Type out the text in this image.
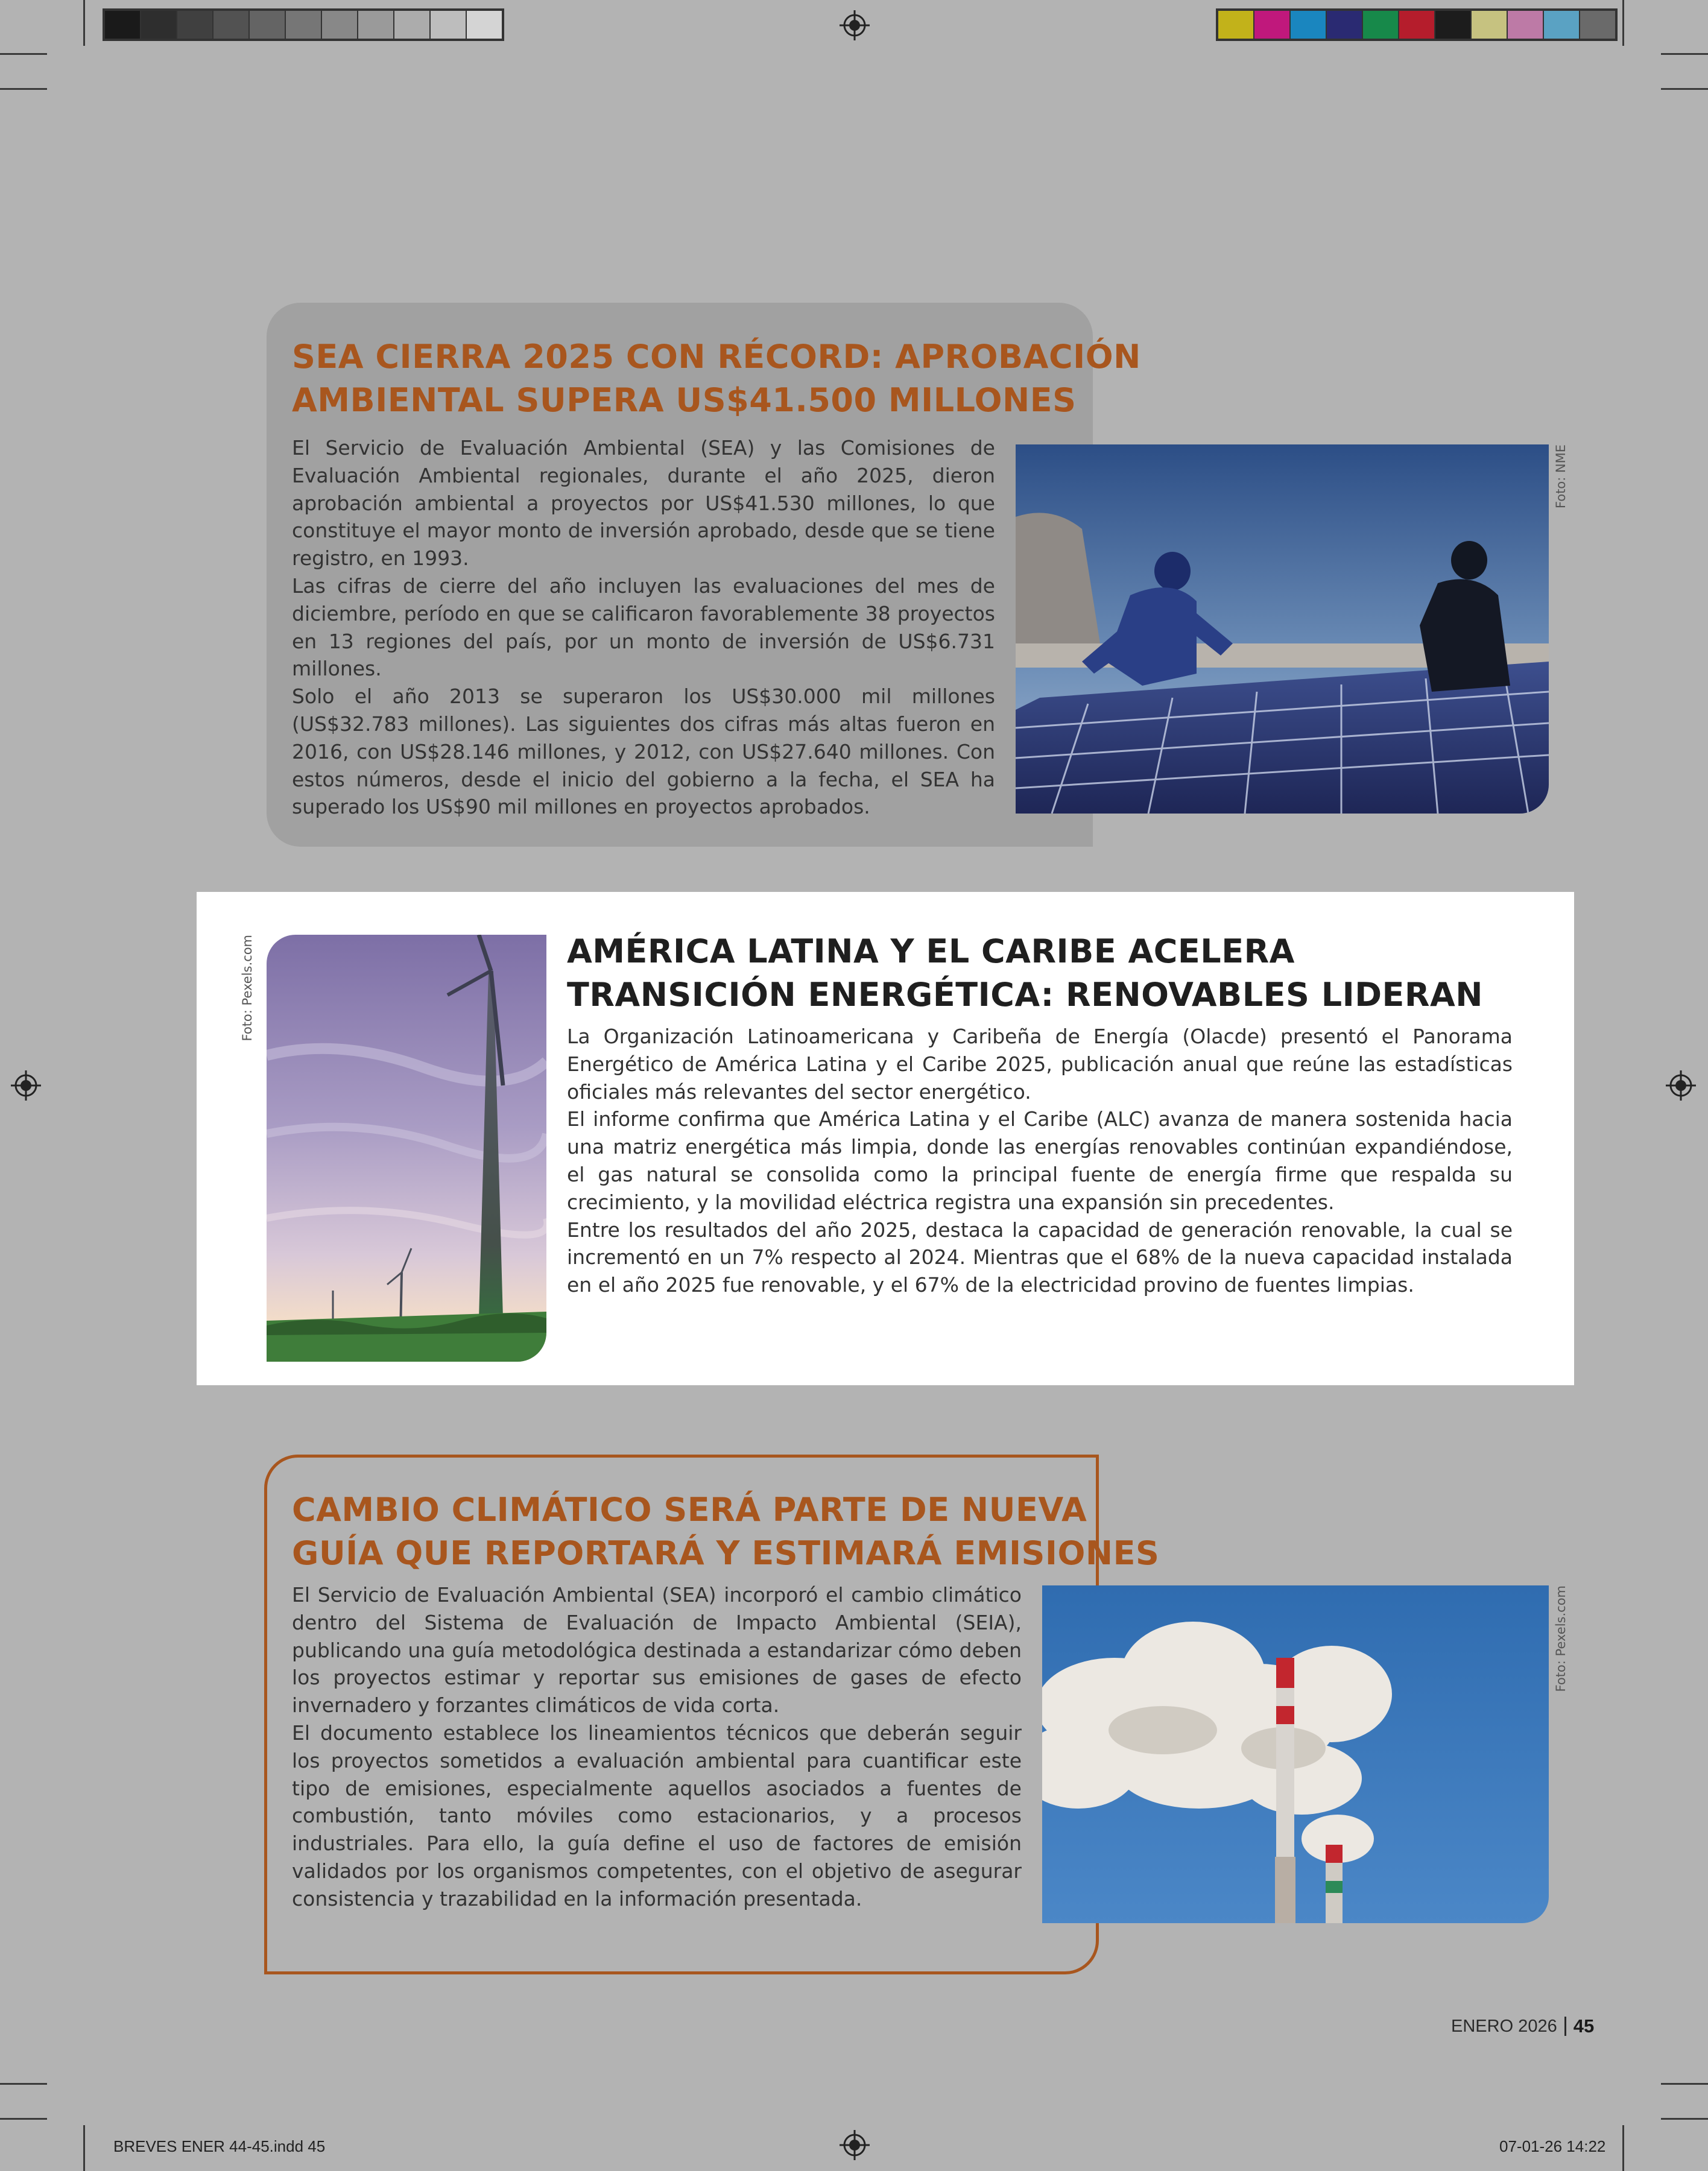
SEA CIERRA 2025 CON RÉCORD: APROBACIÓN
AMBIENTAL SUPERA US$41.500 MILLONES

El Servicio de Evaluación Ambiental (SEA) y las Comisiones de Evaluación Ambiental regionales, durante el año 2025, dieron aprobación ambiental a proyectos por US$41.530 millones, lo que constituye el mayor monto de inversión aprobado, desde que se tiene registro, en 1993.

Las cifras de cierre del año incluyen las evaluaciones del mes de diciembre, período en que se calificaron favorablemente 38 proyectos en 13 regiones del país, por un monto de inversión de US$6.731 millones.

Solo el año 2013 se superaron los US$30.000 mil millones (US$32.783 millones). Las siguientes dos cifras más altas fueron en 2016, con US$28.146 millones, y 2012, con US$27.640 millones. Con estos números, desde el inicio del gobierno a la fecha, el SEA ha superado los US$90 mil millones en proyectos aprobados.

Foto: NME
Foto: Pexels.com	AMÉRICA LATINA Y EL CARIBE ACELERA
TRANSICIÓN ENERGÉTICA: RENOVABLES LIDERAN

La Organización Latinoamericana y Caribeña de Energía (Olacde) presentó el Panorama Energético de América Latina y el Caribe 2025, publicación anual que reúne las estadísticas oficiales más relevantes del sector energético.

El informe confirma que América Latina y el Caribe (ALC) avanza de manera sostenida hacia una matriz energética más limpia, donde las energías renovables continúan expandiéndose, el gas natural se consolida como la principal fuente de energía firme que respalda su crecimiento, y la movilidad eléctrica registra una expansión sin precedentes.

Entre los resultados del año 2025, destaca la capacidad de generación renovable, la cual se incrementó en un 7% respecto al 2024. Mientras que el 68% de la nueva capacidad instalada en el año 2025 fue renovable, y el 67% de la electricidad provino de fuentes limpias.

CAMBIO CLIMÁTICO SERÁ PARTE DE NUEVA
GUÍA QUE REPORTARÁ Y ESTIMARÁ EMISIONES

El Servicio de Evaluación Ambiental (SEA) incorporó el cambio climático dentro del Sistema de Evaluación de Impacto Ambiental (SEIA), publicando una guía metodológica destinada a estandarizar cómo deben los proyectos estimar y reportar sus emisiones de gases de efecto invernadero y forzantes climáticos de vida corta.

El documento establece los lineamientos técnicos que deberán seguir los proyectos sometidos a evaluación ambiental para cuantificar este tipo de emisiones, especialmente aquellos asociados a fuentes de combustión, tanto móviles como estacionarios, y a procesos industriales. Para ello, la guía define el uso de factores de emisión validados por los organismos competentes, con el objetivo de asegurar consistencia y trazabilidad en la información presentada.

Foto: Pexels.com
ENERO 2026 45
BREVES ENER 44-45.indd 45	07-01-26 14:22
